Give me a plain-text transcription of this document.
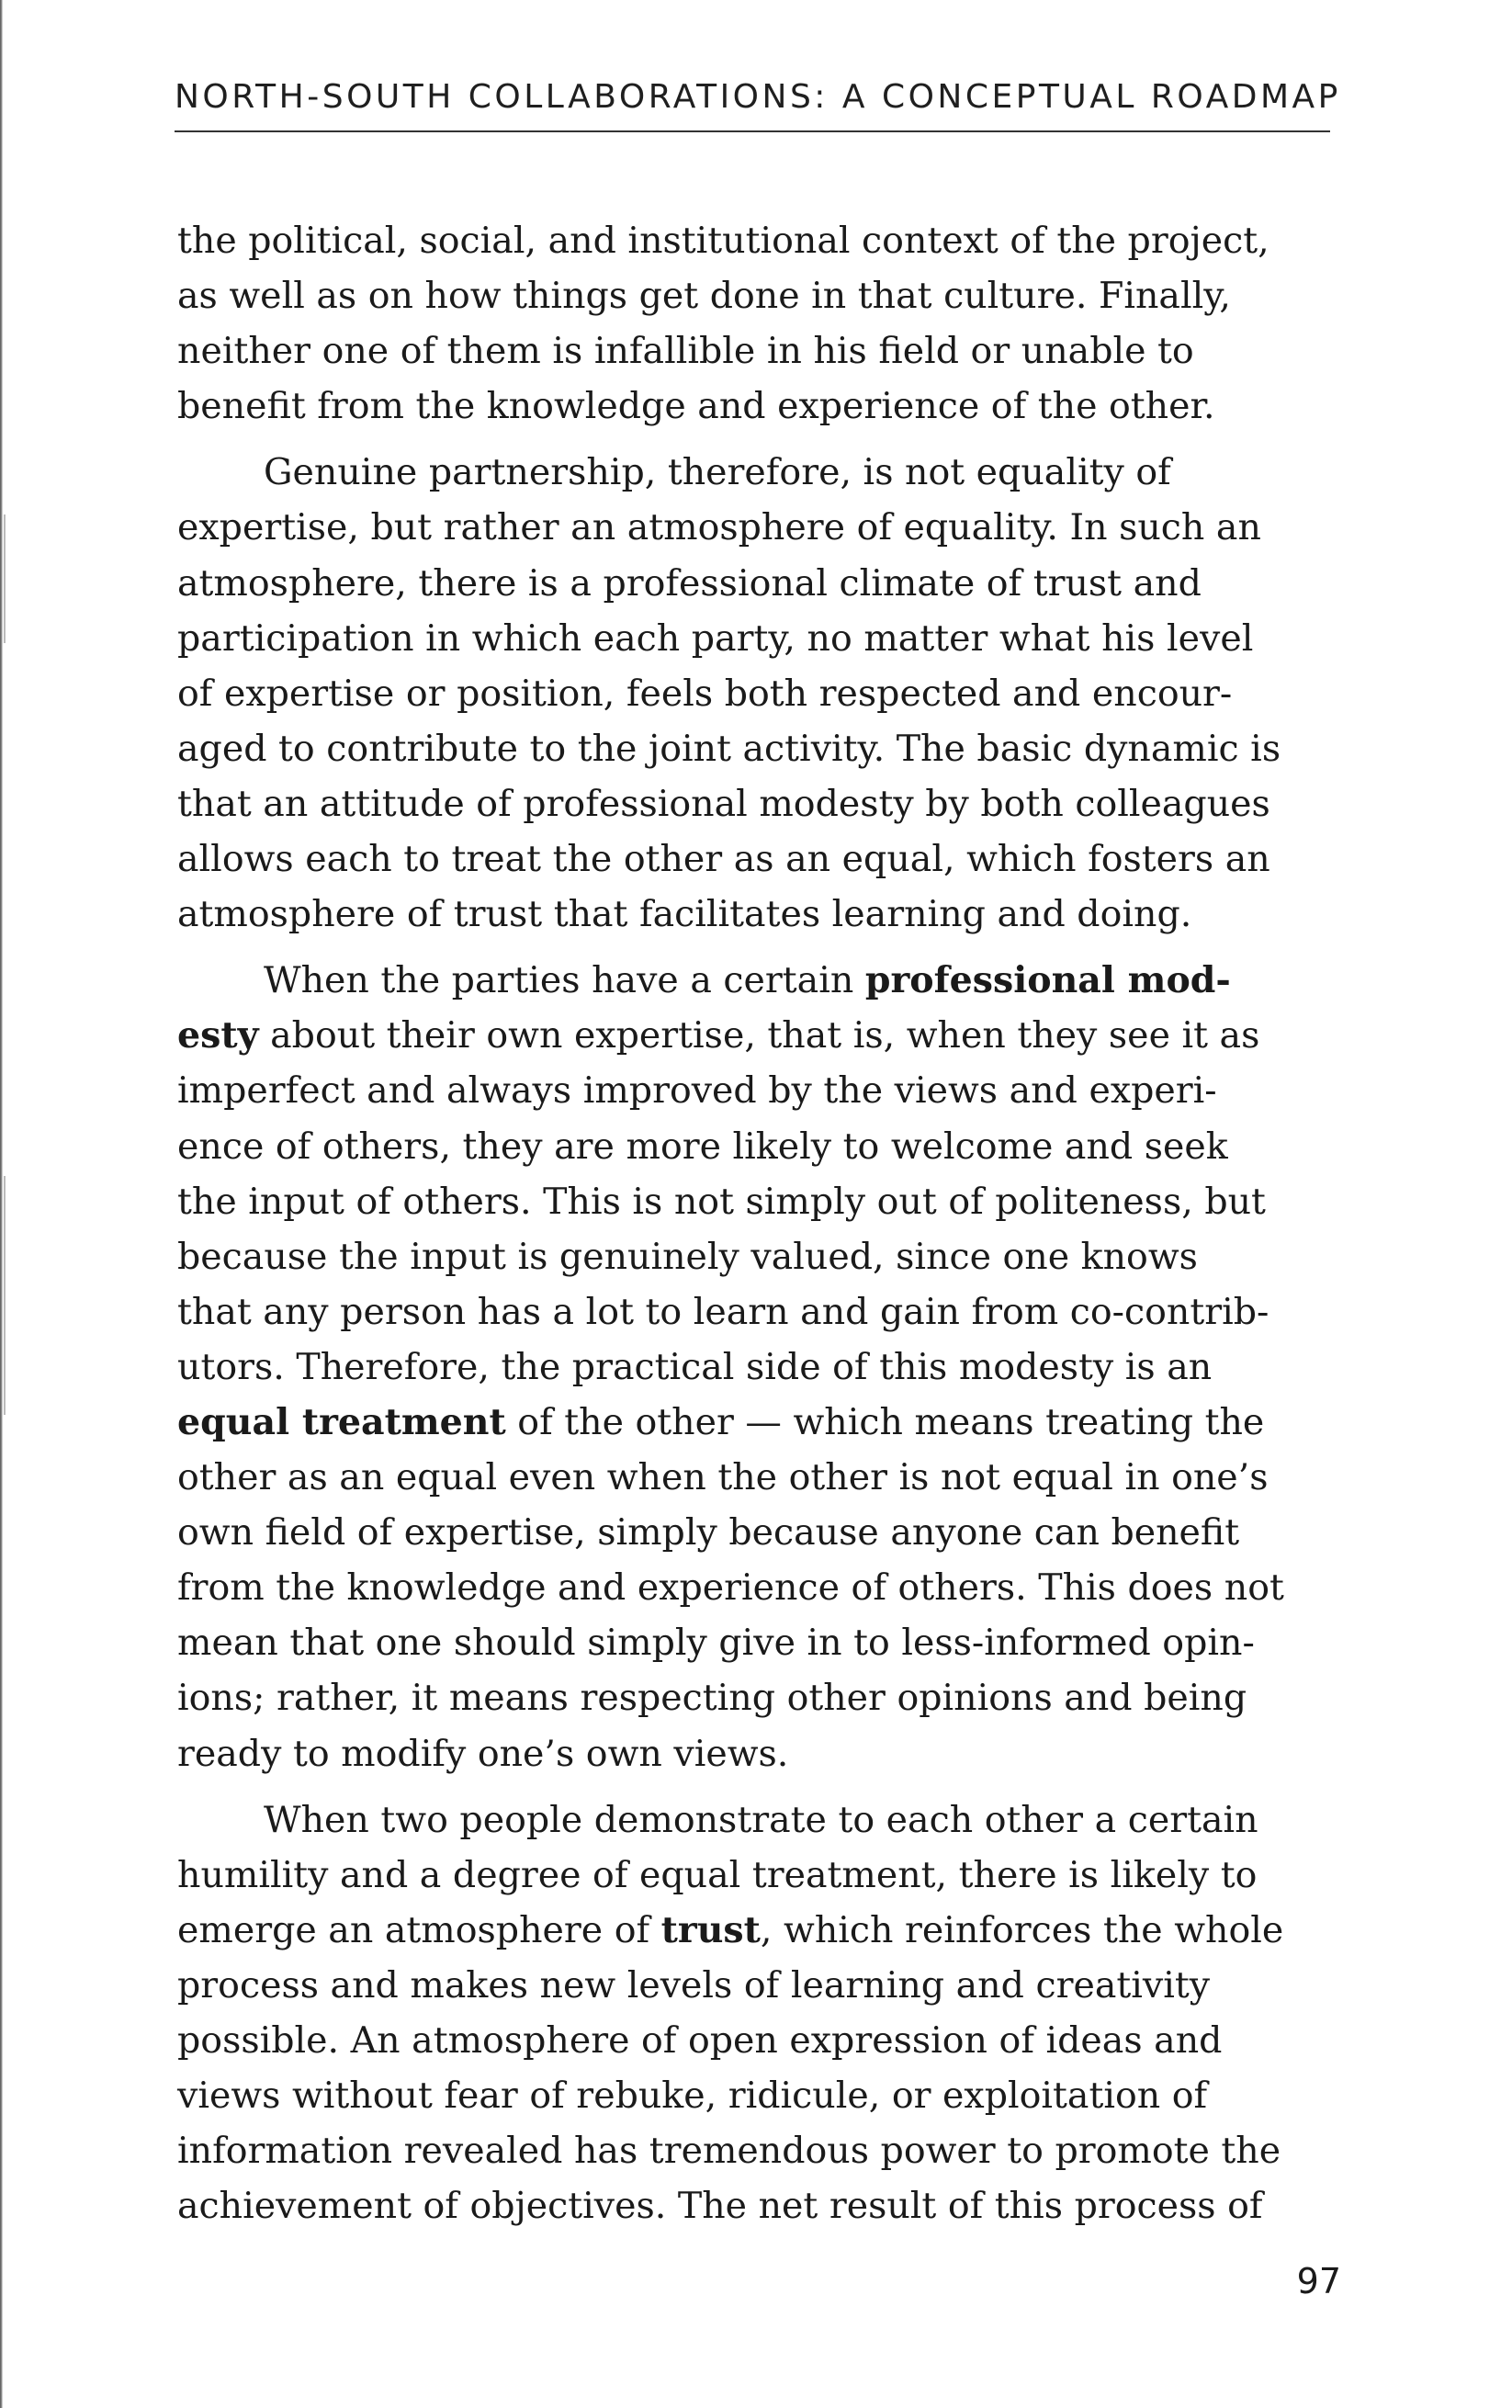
NORTH-SOUTH COLLABORATIONS: A CONCEPTUAL ROADMAP

the political, social, and institutional context of the project,
as well as on how things get done in that culture. Finally,
neither one of them is infallible in his field or unable to
benefit from the knowledge and experience of the other.

Genuine partnership, therefore, is not equality of
expertise, but rather an atmosphere of equality. In such an
atmosphere, there is a professional climate of trust and
participation in which each party, no matter what his level
of expertise or position, feels both respected and encour-
aged to contribute to the joint activity. The basic dynamic is
that an attitude of professional modesty by both colleagues
allows each to treat the other as an equal, which fosters an
atmosphere of trust that facilitates learning and doing.

When the parties have a certain professional mod-
esty about their own expertise, that is, when they see it as
imperfect and always improved by the views and experi-
ence of others, they are more likely to welcome and seek
the input of others. This is not simply out of politeness, but
because the input is genuinely valued, since one knows
that any person has a lot to learn and gain from co-contrib-
utors. Therefore, the practical side of this modesty is an
equal treatment of the other — which means treating the
other as an equal even when the other is not equal in one’s
own field of expertise, simply because anyone can benefit
from the knowledge and experience of others. This does not
mean that one should simply give in to less-informed opin-
ions; rather, it means respecting other opinions and being
ready to modify one’s own views.

When two people demonstrate to each other a certain
humility and a degree of equal treatment, there is likely to
emerge an atmosphere of trust, which reinforces the whole
process and makes new levels of learning and creativity
possible. An atmosphere of open expression of ideas and
views without fear of rebuke, ridicule, or exploitation of
information revealed has tremendous power to promote the
achievement of objectives. The net result of this process of

97
